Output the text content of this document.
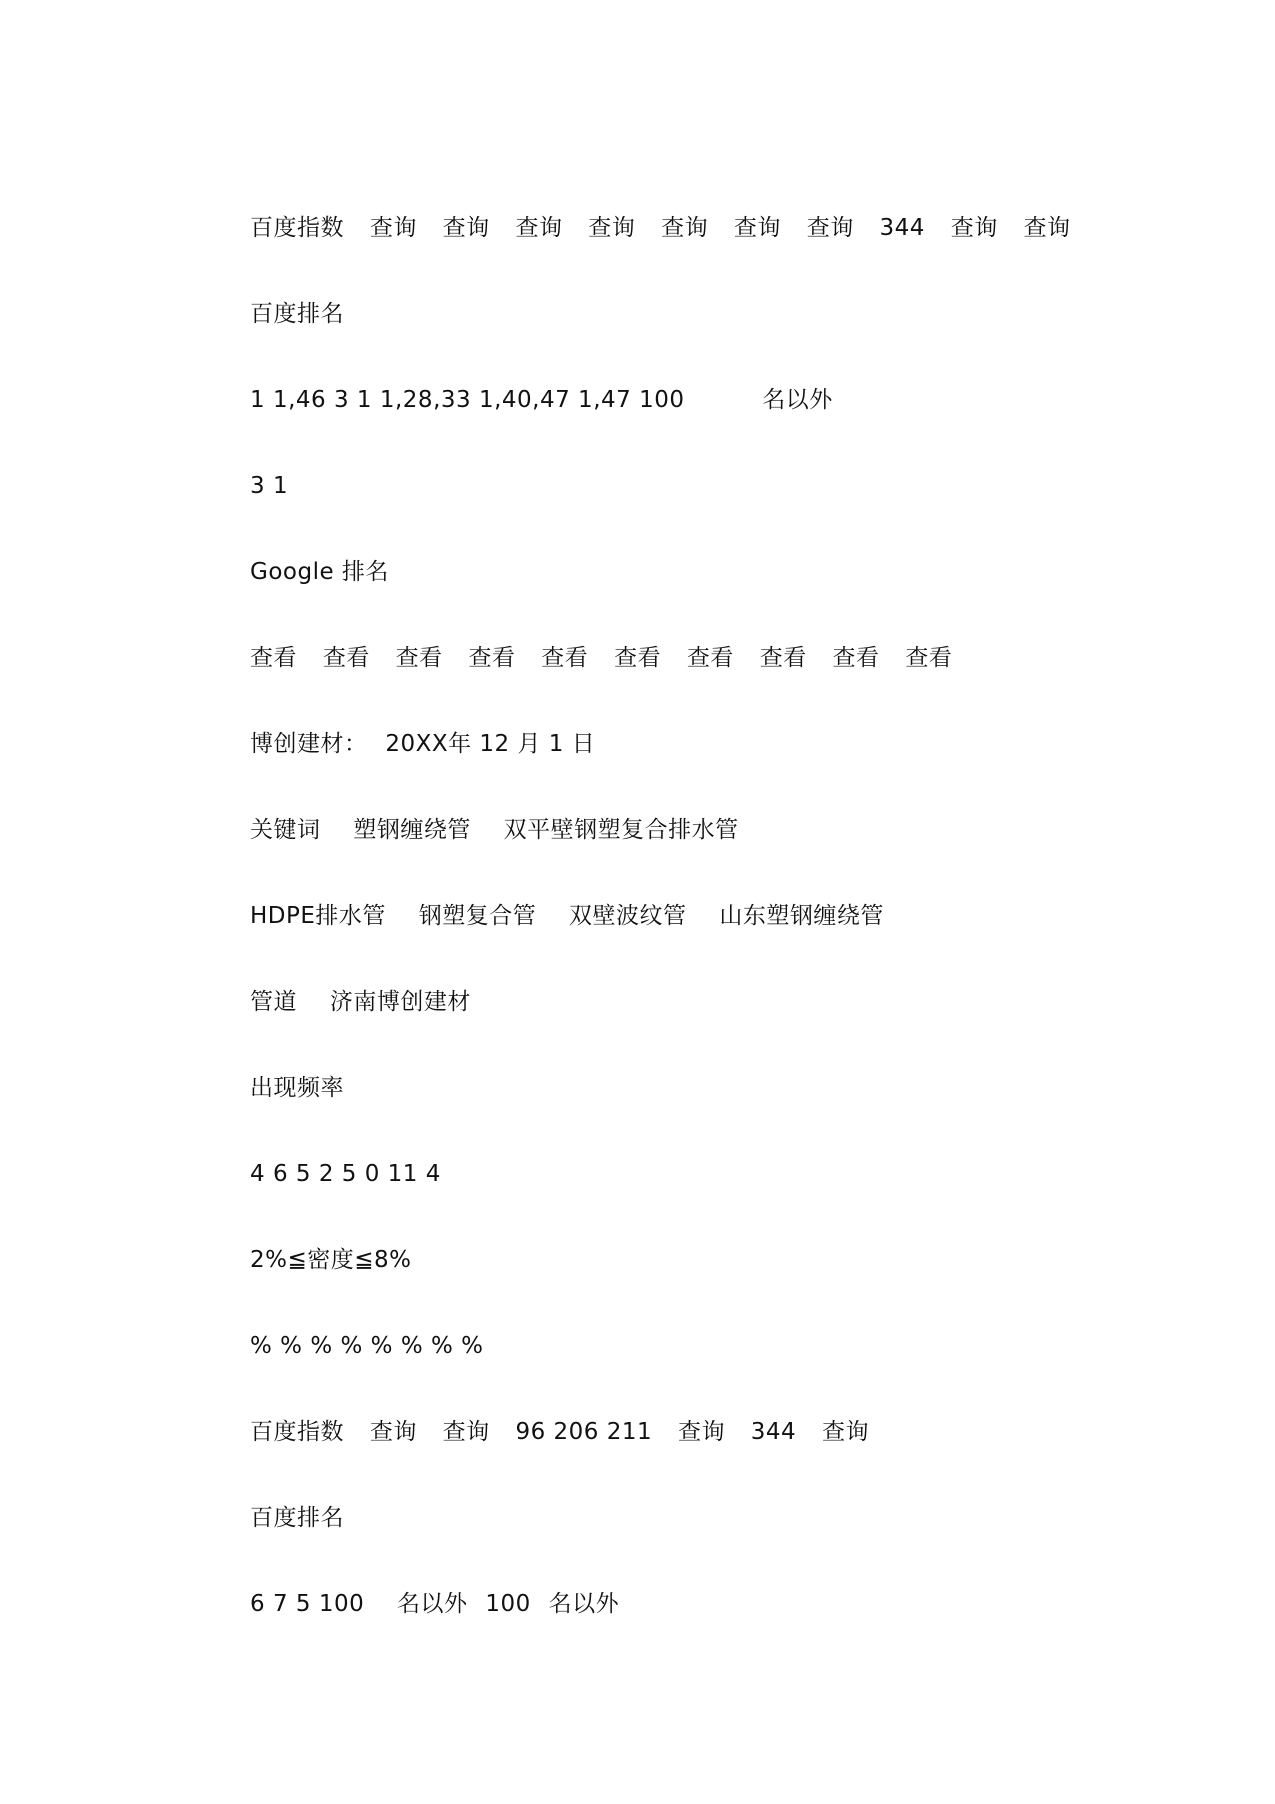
百度指数 查询 查询 查询 查询 查询 查询 查询 344 查询 查询
百度排名
1 1,46 3 1 1,28,33 1,40,47 1,47 100	名以外
3 1
Google 排名
查看 查看 查看 查看 查看 查看 查看 查看 查看 查看
博创建材： 20XX年 12 月 1 日
关键词 塑钢缠绕管 双平壁钢塑复合排水管
HDPE排水管 钢塑复合管 双壁波纹管 山东塑钢缠绕管
管道 济南博创建材
出现频率
4 6 5 2 5 0 11 4
2%≦密度≦8%
% % % % % % % %
百度指数 查询 查询 96 206 211 查询 344 查询
百度排名
6 7 5 100 名以外 100 名以外
